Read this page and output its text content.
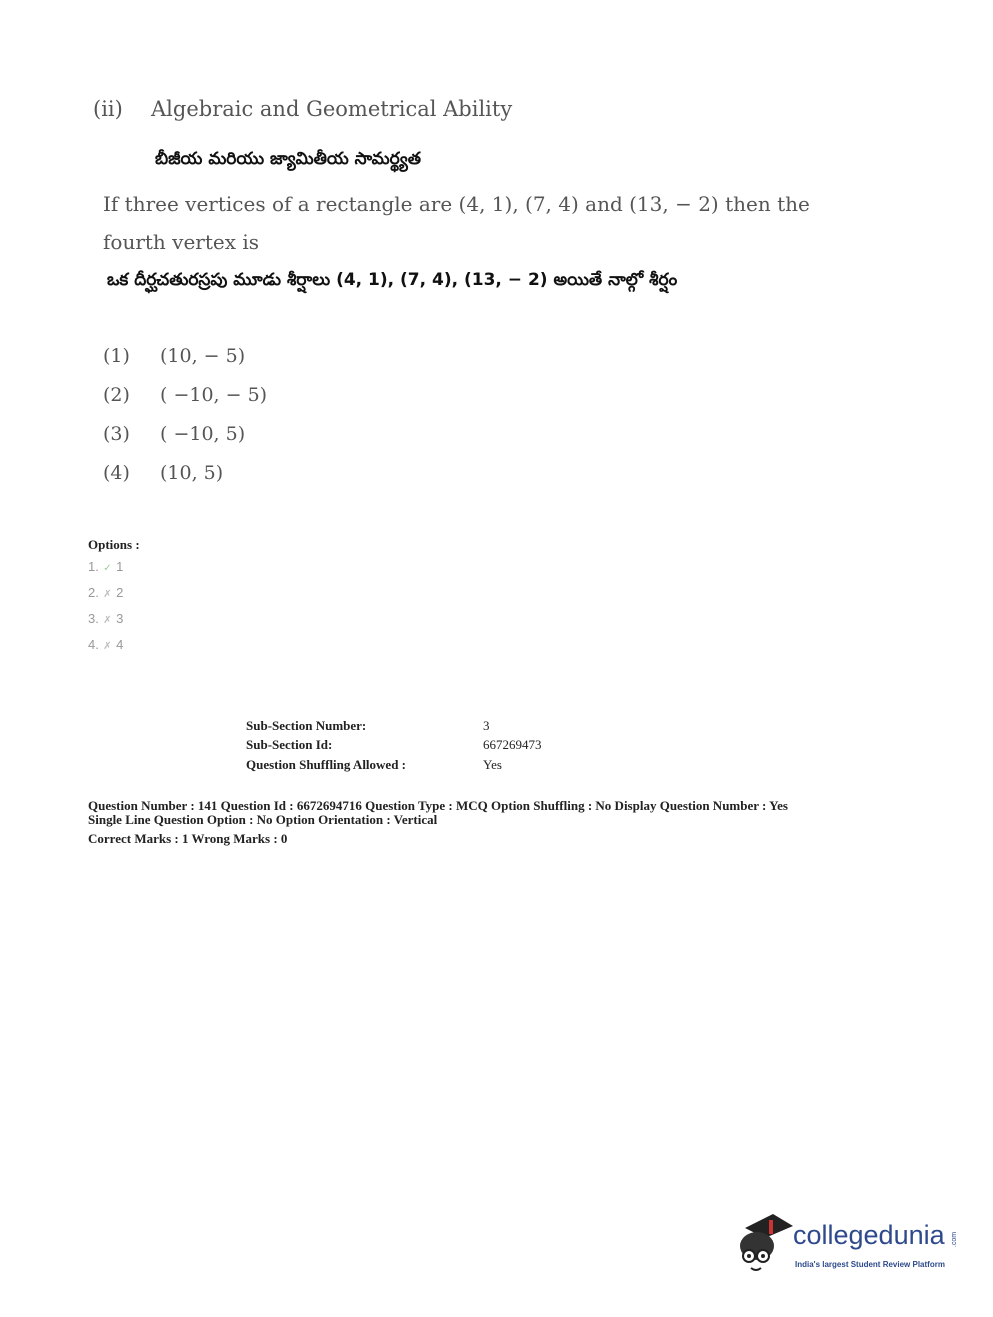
(ii) Algebraic and Geometrical Ability
బీజీయ మరియు జ్యామితీయ సామర్థ్యత
If three vertices of a rectangle are (4, 1), (7, 4) and (13, − 2) then the
fourth vertex is
ఒక దీర్ఘచతురస్రపు మూడు శీర్షాలు (4, 1), (7, 4), (13, − 2) అయితే నాల్గో శీర్షం
(1) (10, − 5)
(2) ( −10, − 5)
(3) ( −10, 5)
(4) (10, 5)
Options :
1. ✓ 1
2. ✗ 2
3. ✗ 3
4. ✗ 4
Sub-Section Number:	3
Sub-Section Id:	667269473
Question Shuffling Allowed :	Yes
Question Number : 141 Question Id : 6672694716 Question Type : MCQ Option Shuffling : No Display Question Number : Yes
Single Line Question Option : No Option Orientation : Vertical
Correct Marks : 1 Wrong Marks : 0
collegedunia .com
India's largest Student Review Platform
